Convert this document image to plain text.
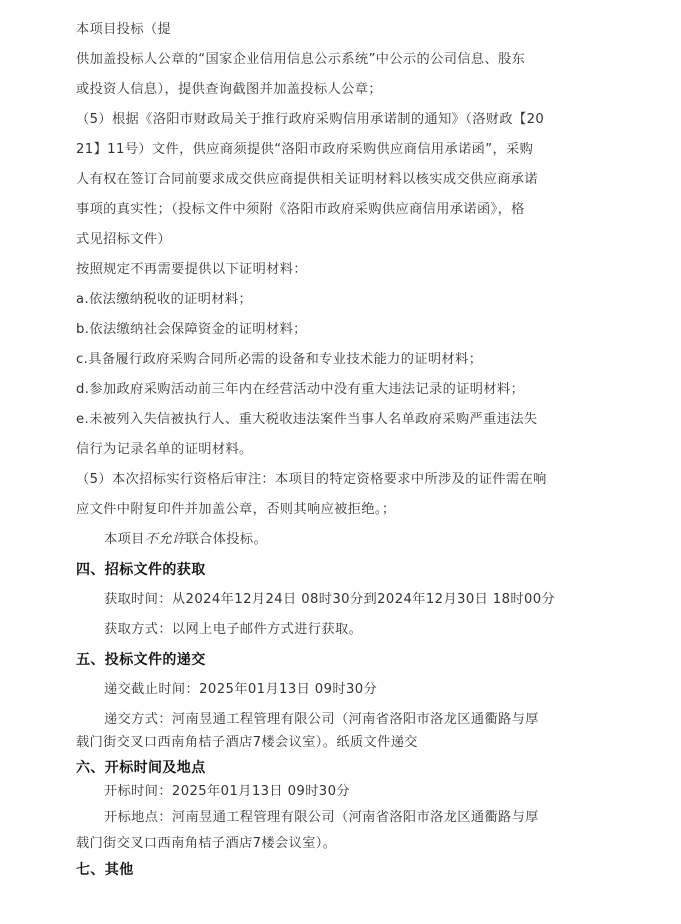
本项目投标（提
供加盖投标人公章的“国家企业信用信息公示系统”中公示的公司信息、股东
或投资人信息），提供查询截图并加盖投标人公章；
（5）根据《洛阳市财政局关于推行政府采购信用承诺制的通知》（洛财政【20
21】11号）文件，供应商须提供“洛阳市政府采购供应商信用承诺函”，采购
人有权在签订合同前要求成交供应商提供相关证明材料以核实成交供应商承诺
事项的真实性；（投标文件中须附《洛阳市政府采购供应商信用承诺函》，格
式见招标文件）
按照规定不再需要提供以下证明材料：
a.依法缴纳税收的证明材料；
b.依法缴纳社会保障资金的证明材料；
c.具备履行政府采购合同所必需的设备和专业技术能力的证明材料；
d.参加政府采购活动前三年内在经营活动中没有重大违法记录的证明材料；
e.未被列入失信被执行人、重大税收违法案件当事人名单政府采购严重违法失
信行为记录名单的证明材料。
（5）本次招标实行资格后审注：本项目的特定资格要求中所涉及的证件需在响
应文件中附复印件并加盖公章，否则其响应被拒绝。；
本项目不允许联合体投标。
四、招标文件的获取
获取时间：从2024年12月24日 08时30分到2024年12月30日 18时00分
获取方式：以网上电子邮件方式进行获取。
五、投标文件的递交
递交截止时间：2025年01月13日 09时30分
递交方式：河南昱通工程管理有限公司（河南省洛阳市洛龙区通衢路与厚
载门街交叉口西南角桔子酒店7楼会议室）。纸质文件递交
六、开标时间及地点
开标时间：2025年01月13日 09时30分
开标地点：河南昱通工程管理有限公司（河南省洛阳市洛龙区通衢路与厚
载门街交叉口西南角桔子酒店7楼会议室）。
七、其他
